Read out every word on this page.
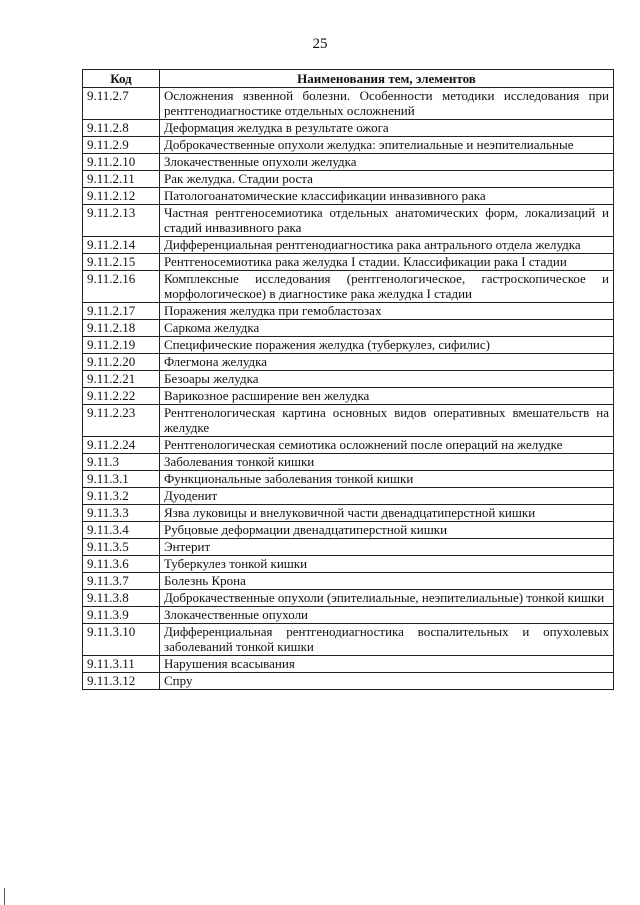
25
Код	Наименования тем, элементов
9.11.2.7	Осложнения язвенной болезни. Особенности методики исследования при рентгенодиагностике отдельных осложнений
9.11.2.8	Деформация желудка в результате ожога
9.11.2.9	Доброкачественные опухоли желудка: эпителиальные и неэпителиальные
9.11.2.10	Злокачественные опухоли желудка
9.11.2.11	Рак желудка. Стадии роста
9.11.2.12	Патологоанатомические классификации инвазивного рака
9.11.2.13	Частная рентгеносемиотика отдельных анатомических форм, локализаций и стадий инвазивного рака
9.11.2.14	Дифференциальная рентгенодиагностика рака антрального отдела желудка
9.11.2.15	Рентгеносемиотика рака желудка I стадии. Классификации рака I стадии
9.11.2.16	Комплексные исследования (рентгенологическое, гастроскопическое и морфологическое) в диагностике рака желудка I стадии
9.11.2.17	Поражения желудка при гемобластозах
9.11.2.18	Саркома желудка
9.11.2.19	Специфические поражения желудка (туберкулез, сифилис)
9.11.2.20	Флегмона желудка
9.11.2.21	Безоары желудка
9.11.2.22	Варикозное расширение вен желудка
9.11.2.23	Рентгенологическая картина основных видов оперативных вмешательств на желудке
9.11.2.24	Рентгенологическая семиотика осложнений после операций на желудке
9.11.3	Заболевания тонкой кишки
9.11.3.1	Функциональные заболевания тонкой кишки
9.11.3.2	Дуоденит
9.11.3.3	Язва луковицы и внелуковичной части двенадцатиперстной кишки
9.11.3.4	Рубцовые деформации двенадцатиперстной кишки
9.11.3.5	Энтерит
9.11.3.6	Туберкулез тонкой кишки
9.11.3.7	Болезнь Крона
9.11.3.8	Доброкачественные опухоли (эпителиальные, неэпителиальные) тонкой кишки
9.11.3.9	Злокачественные опухоли
9.11.3.10	Дифференциальная рентгенодиагностика воспалительных и опухолевых заболеваний тонкой кишки
9.11.3.11	Нарушения всасывания
9.11.3.12	Спру
